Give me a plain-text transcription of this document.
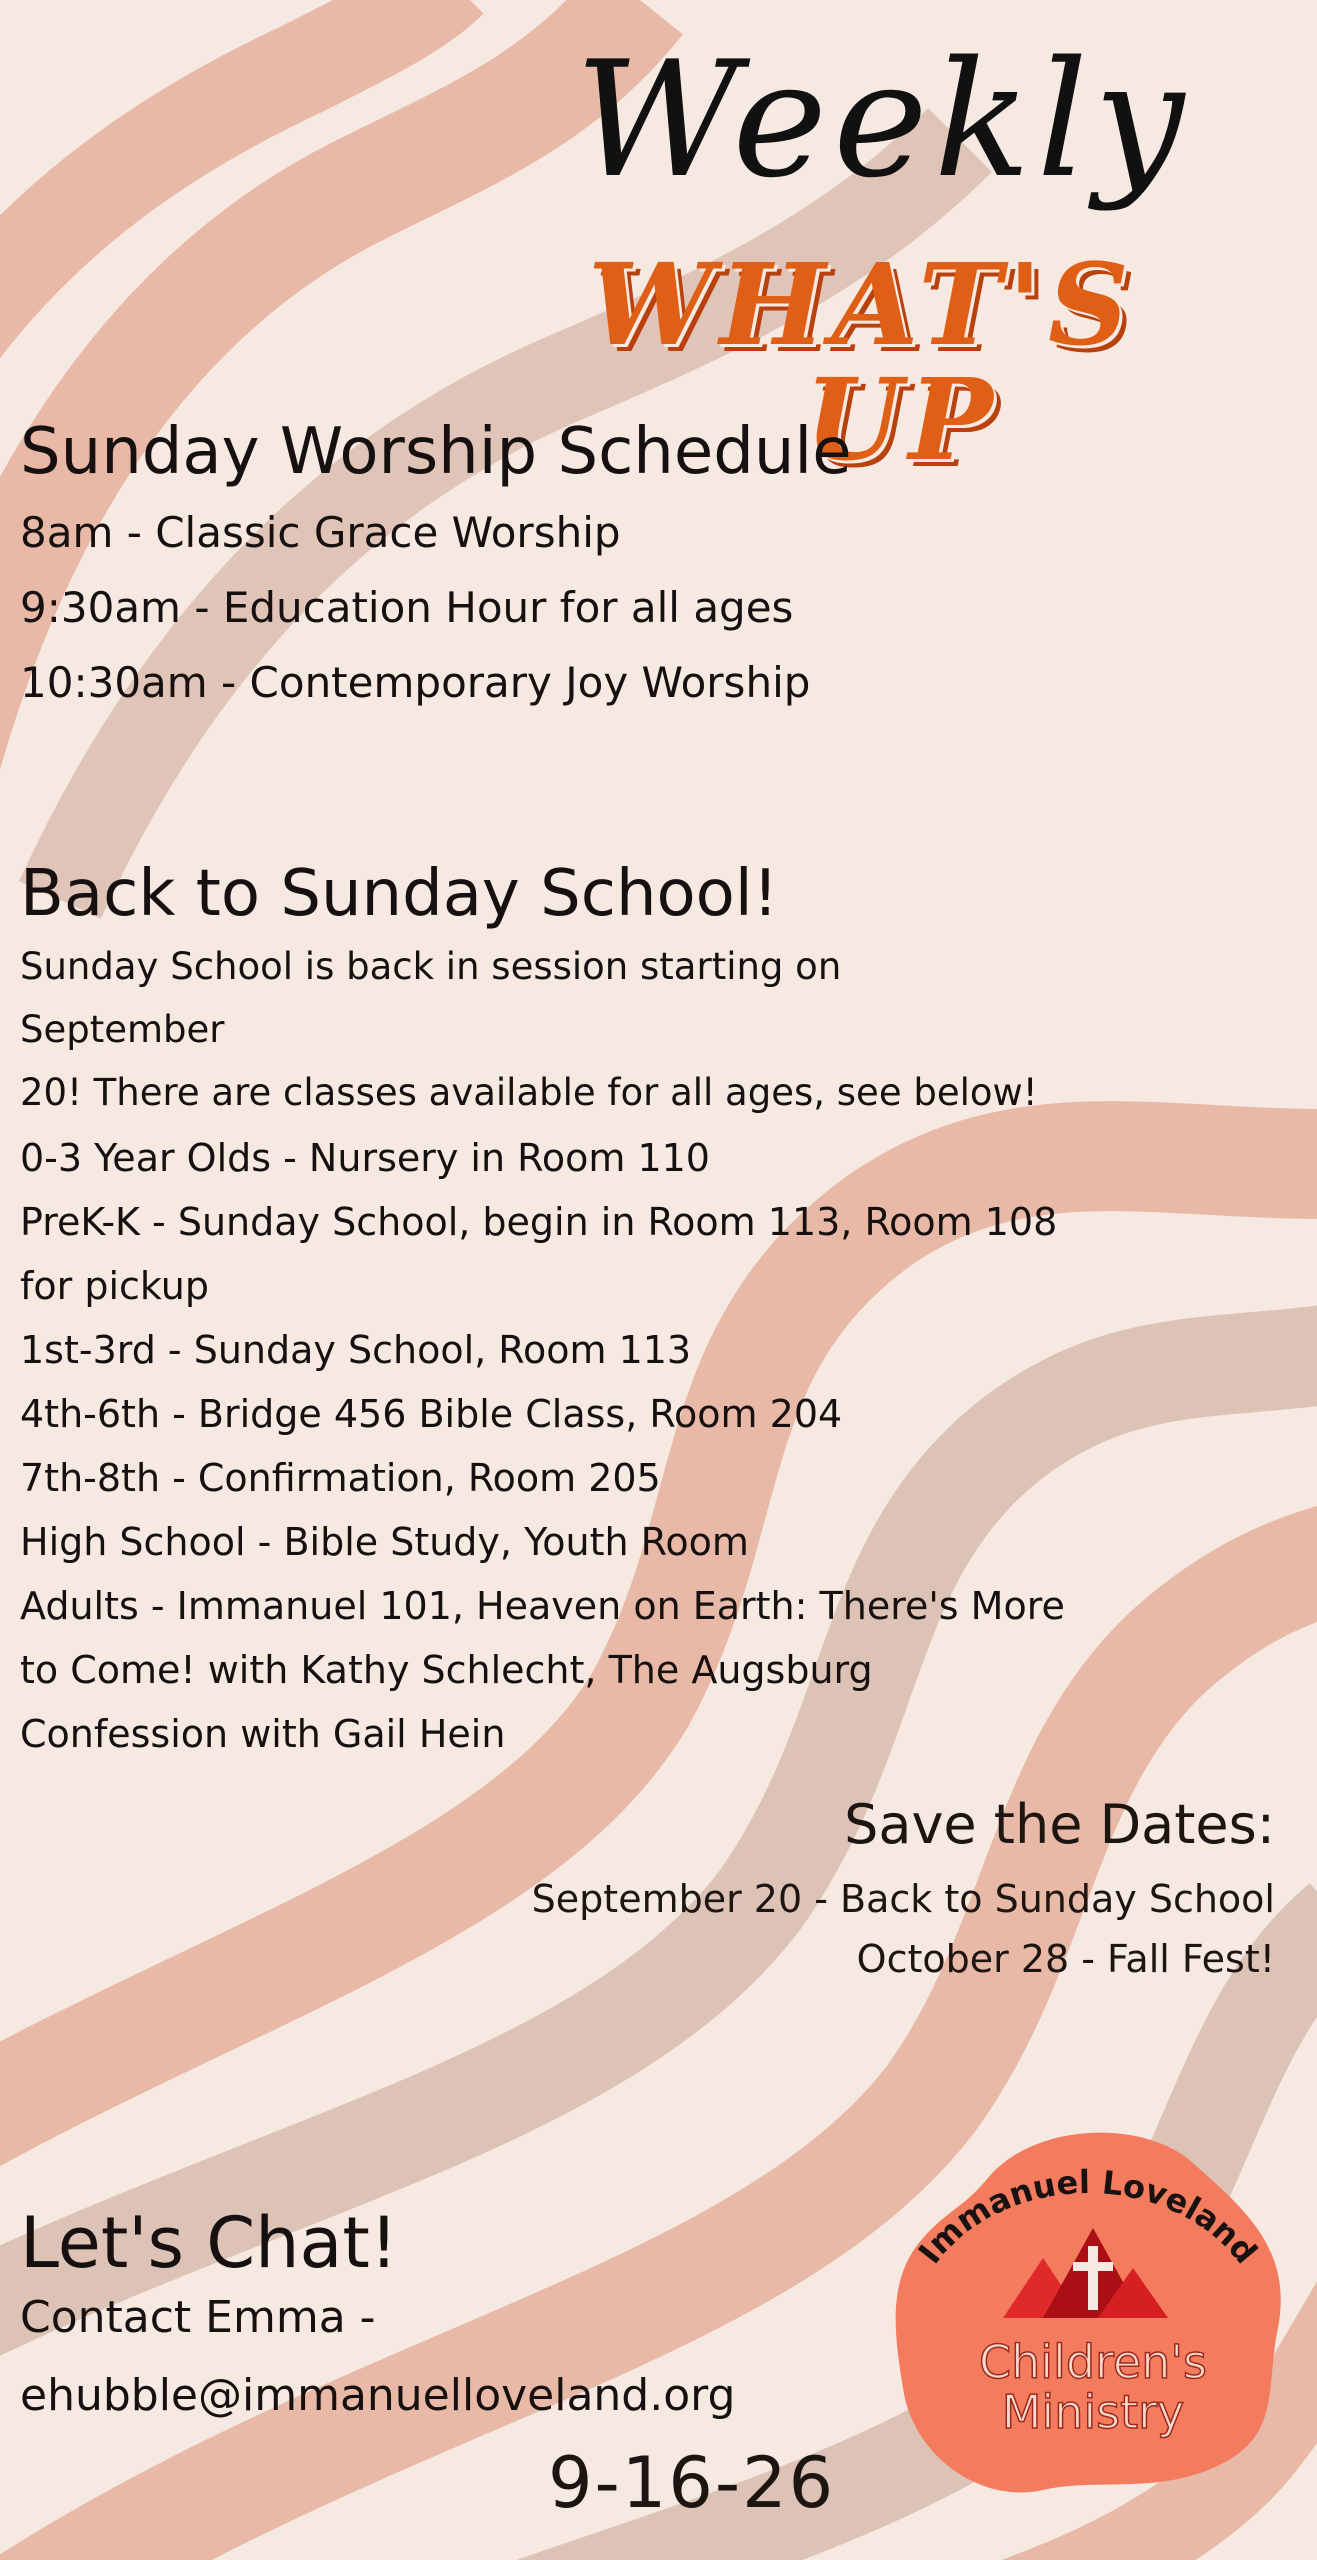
Weekly
WHAT'S
UP
Sunday Worship Schedule
8am - Classic Grace Worship
9:30am - Education Hour for all ages
10:30am - Contemporary Joy Worship
Back to Sunday School!
Sunday School is back in session starting on September
20! There are classes available for all ages, see below!
0-3 Year Olds - Nursery in Room 110
PreK-K - Sunday School, begin in Room 113, Room 108
for pickup
1st-3rd - Sunday School, Room 113
4th-6th - Bridge 456 Bible Class, Room 204
7th-8th - Confirmation, Room 205
High School - Bible Study, Youth Room
Adults - Immanuel 101, Heaven on Earth: There's More
to Come! with Kathy Schlecht, The Augsburg
Confession with Gail Hein
Save the Dates:
September 20 - Back to Sunday School
October 28 - Fall Fest!
Let's Chat!
Contact Emma -
ehubble@immanuelloveland.org
9-16-26
Immanuel Loveland
Children's
Ministry
